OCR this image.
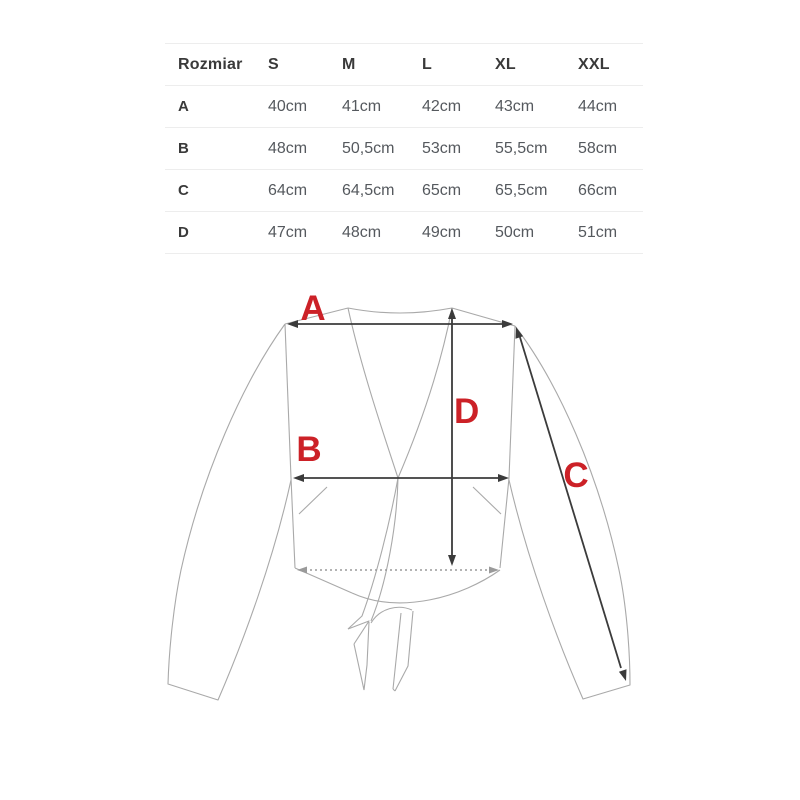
Rozmiar	S	M	L	XL	XXL
A	40cm	41cm	42cm	43cm	44cm
B	48cm	50,5cm	53cm	55,5cm	58cm
C	64cm	64,5cm	65cm	65,5cm	66cm
D	47cm	48cm	49cm	50cm	51cm
A
B
C
D
